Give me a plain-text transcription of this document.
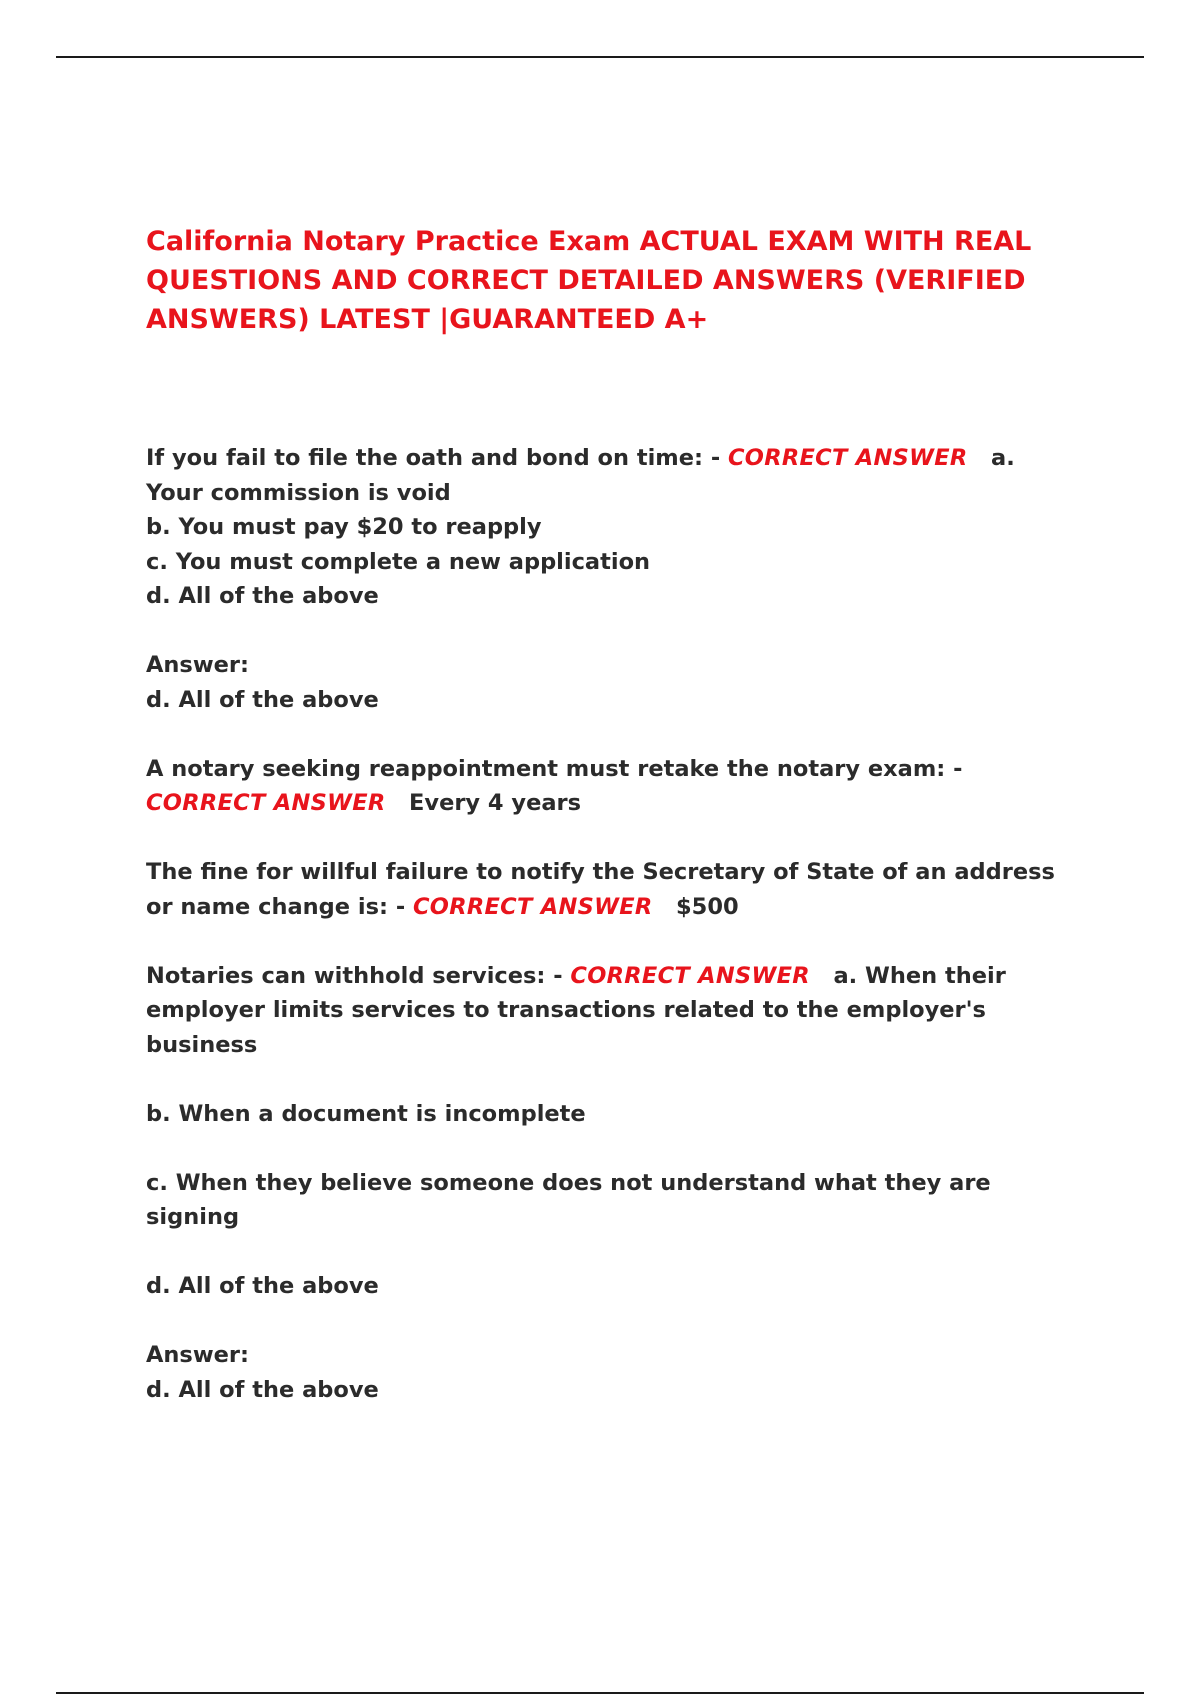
California Notary Practice Exam ACTUAL EXAM WITH REAL QUESTIONS AND CORRECT DETAILED ANSWERS (VERIFIED ANSWERS) LATEST |GUARANTEED A+

If you fail to file the oath and bond on time: - CORRECT ANSWER a.

Your commission is void

b. You must pay $20 to reapply

c. You must complete a new application

d. All of the above

Answer:

d. All of the above

A notary seeking reappointment must retake the notary exam: -

CORRECT ANSWER Every 4 years

The fine for willful failure to notify the Secretary of State of an address

or name change is: - CORRECT ANSWER $500

Notaries can withhold services: - CORRECT ANSWER a. When their

employer limits services to transactions related to the employer's

business

b. When a document is incomplete

c. When they believe someone does not understand what they are

signing

d. All of the above

Answer:

d. All of the above
